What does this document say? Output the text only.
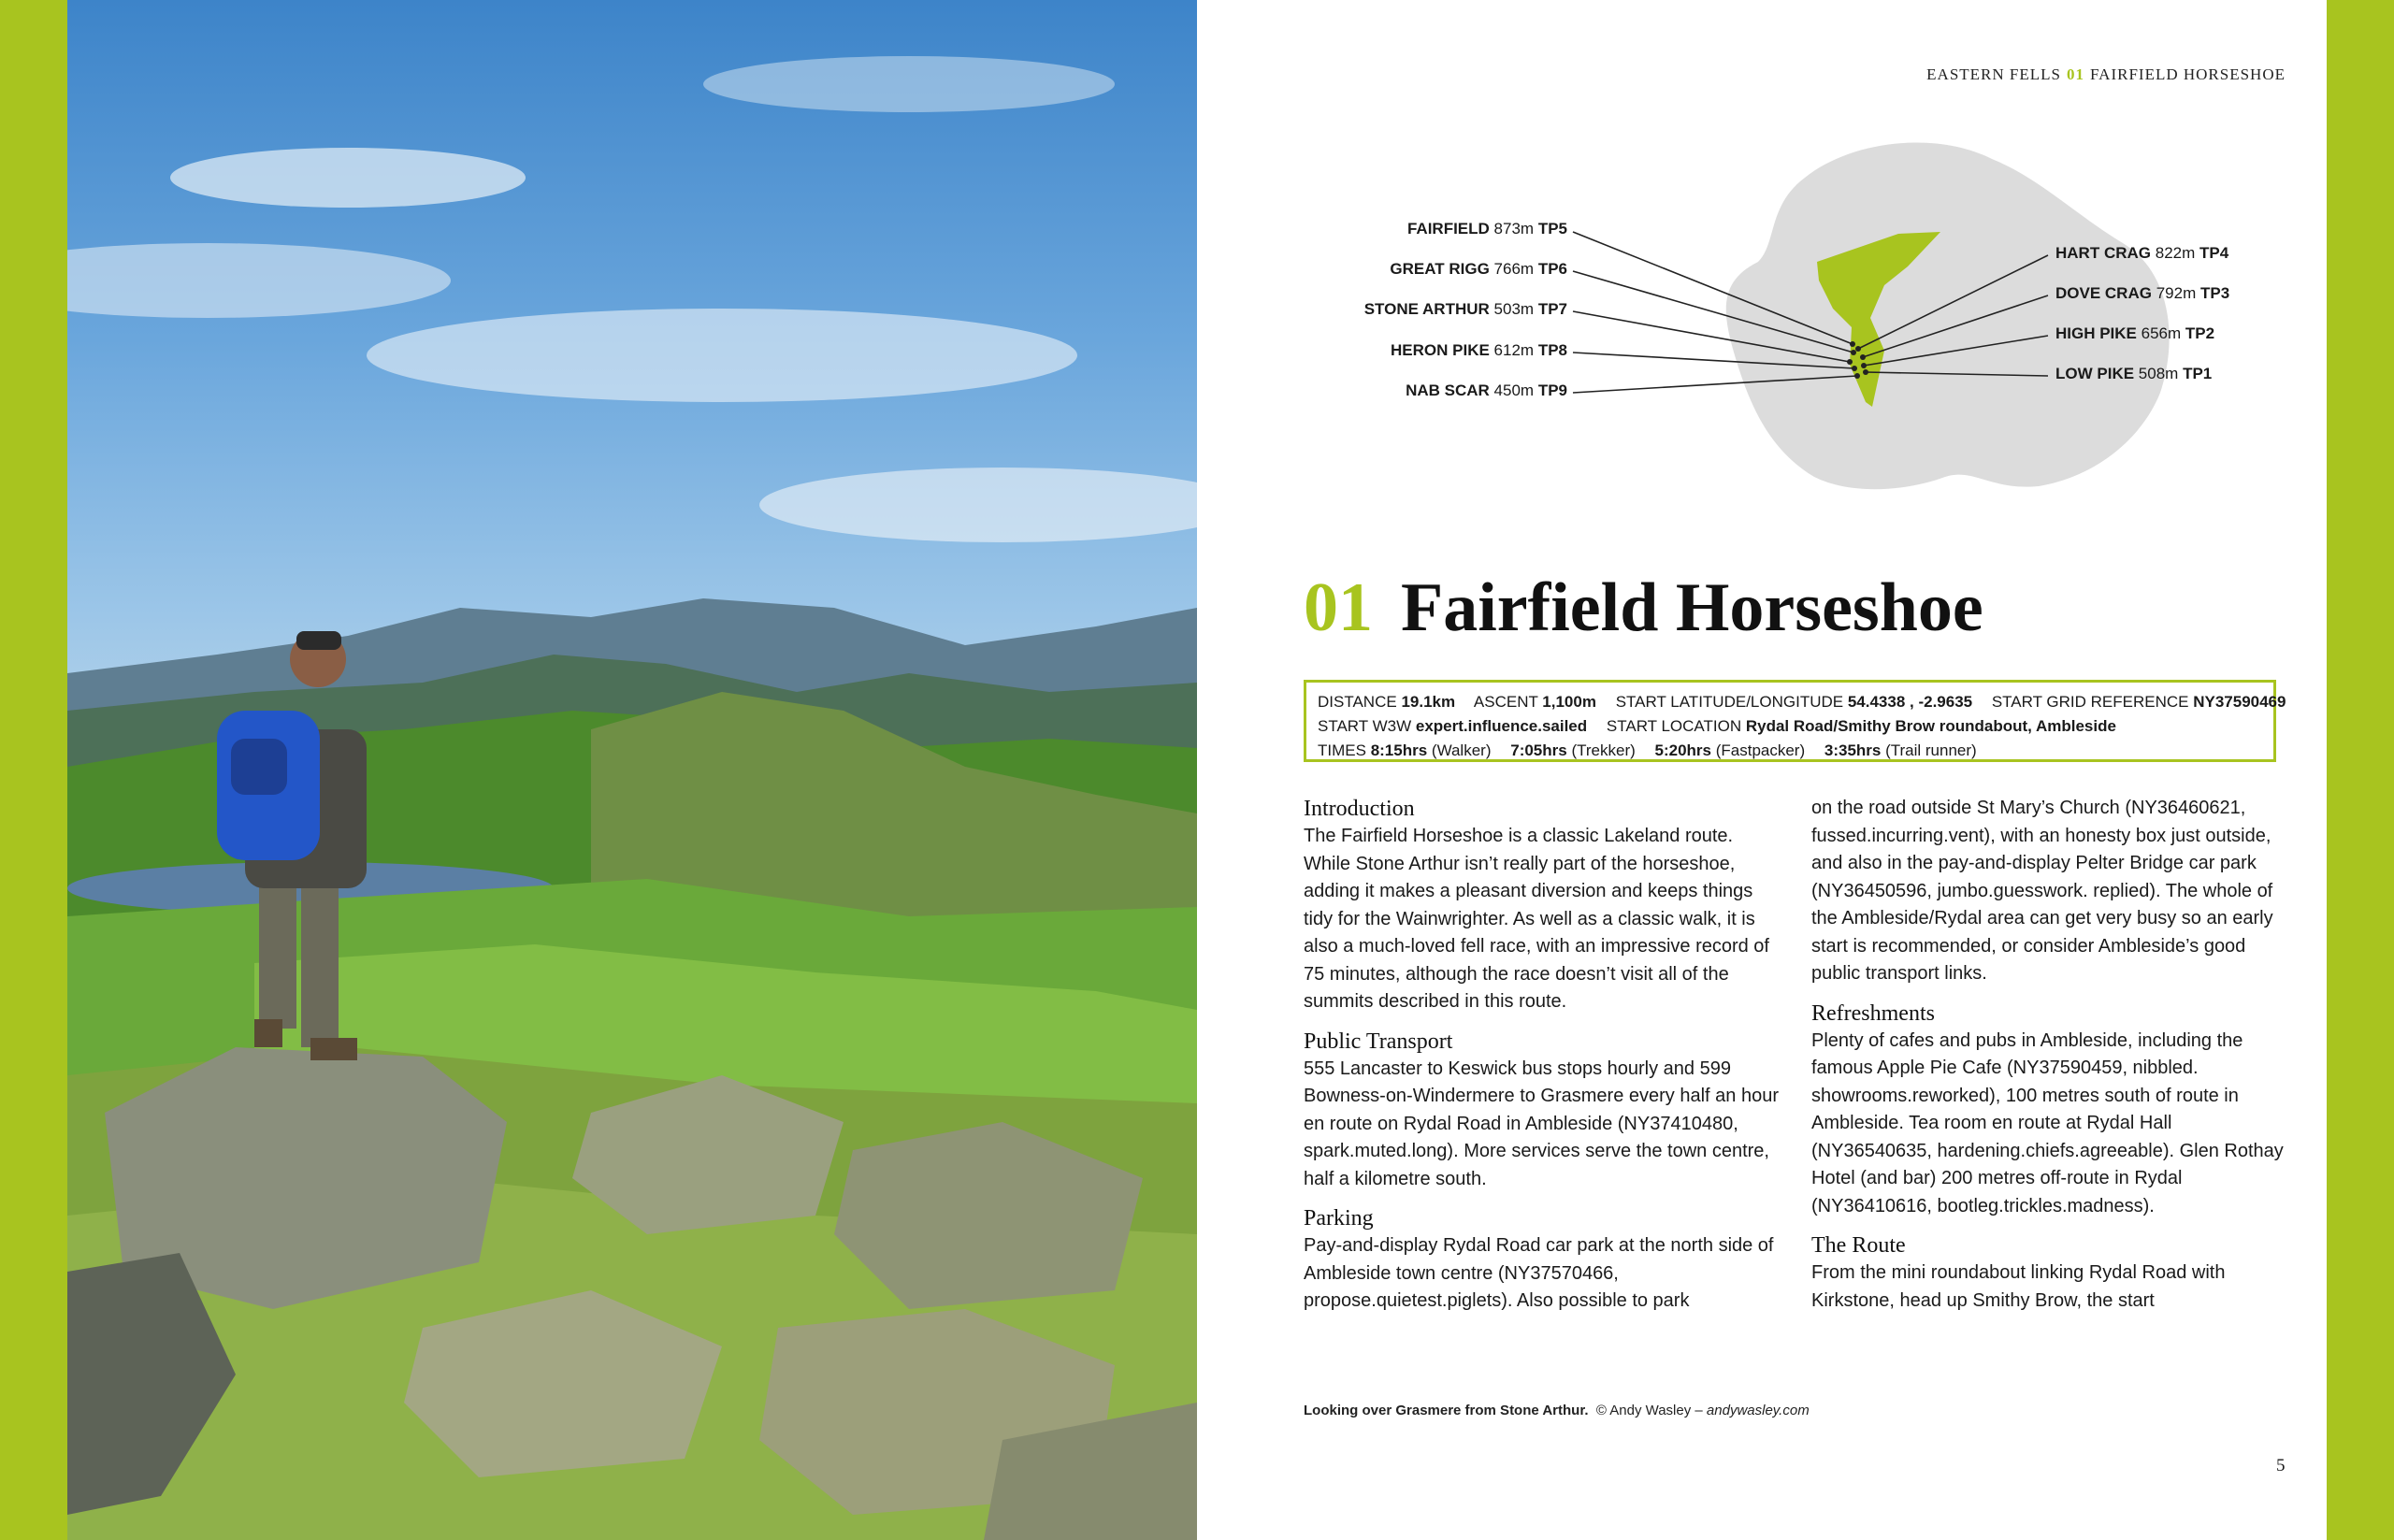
EASTERN FELLS 01 FAIRFIELD HORSESHOE
FAIRFIELD 873m TP5
GREAT RIGG 766m TP6
STONE ARTHUR 503m TP7
HERON PIKE 612m TP8
NAB SCAR 450m TP9
HART CRAG 822m TP4
DOVE CRAG 792m TP3
HIGH PIKE 656m TP2
LOW PIKE 508m TP1
01 Fairfield Horseshoe
DISTANCE 19.1km ASCENT 1,100m START LATITUDE/LONGITUDE 54.4338 , -2.9635 START GRID REFERENCE NY37590469
START W3W expert.influence.sailed START LOCATION Rydal Road/Smithy Brow roundabout, Ambleside
TIMES 8:15hrs (Walker) 7:05hrs (Trekker) 5:20hrs (Fastpacker) 3:35hrs (Trail runner)
Introduction

The Fairfield Horseshoe is a classic Lakeland route. While Stone Arthur isn’t really part of the horseshoe, adding it makes a pleasant diversion and keeps things tidy for the Wainwrighter. As well as a classic walk, it is also a much-loved fell race, with an impressive record of 75 minutes, although the race doesn’t visit all of the summits described in this route.

Public Transport

555 Lancaster to Keswick bus stops hourly and 599 Bowness-on-Windermere to Grasmere every half an hour en route on Rydal Road in Ambleside (NY37410480, spark.muted.long). More services serve the town centre, half a kilometre south.

Parking

Pay-and-display Rydal Road car park at the north side of Ambleside town centre (NY37570466, propose.quietest.piglets). Also possible to park

on the road outside St Mary’s Church (NY36460621, fussed.incurring.vent), with an honesty box just outside, and also in the pay-and-display Pelter Bridge car park (NY36450596, jumbo.guesswork. replied). The whole of the Ambleside/Rydal area can get very busy so an early start is recommended, or consider Ambleside’s good public transport links.

Refreshments

Plenty of cafes and pubs in Ambleside, including the famous Apple Pie Cafe (NY37590459, nibbled. showrooms.reworked), 100 metres south of route in Ambleside. Tea room en route at Rydal Hall (NY36540635, hardening.chiefs.agreeable). Glen Rothay Hotel (and bar) 200 metres off-route in Rydal (NY36410616, bootleg.trickles.madness).

The Route

From the mini roundabout linking Rydal Road with Kirkstone, head up Smithy Brow, the start

Looking over Grasmere from Stone Arthur. © Andy Wasley – andywasley.com
5
